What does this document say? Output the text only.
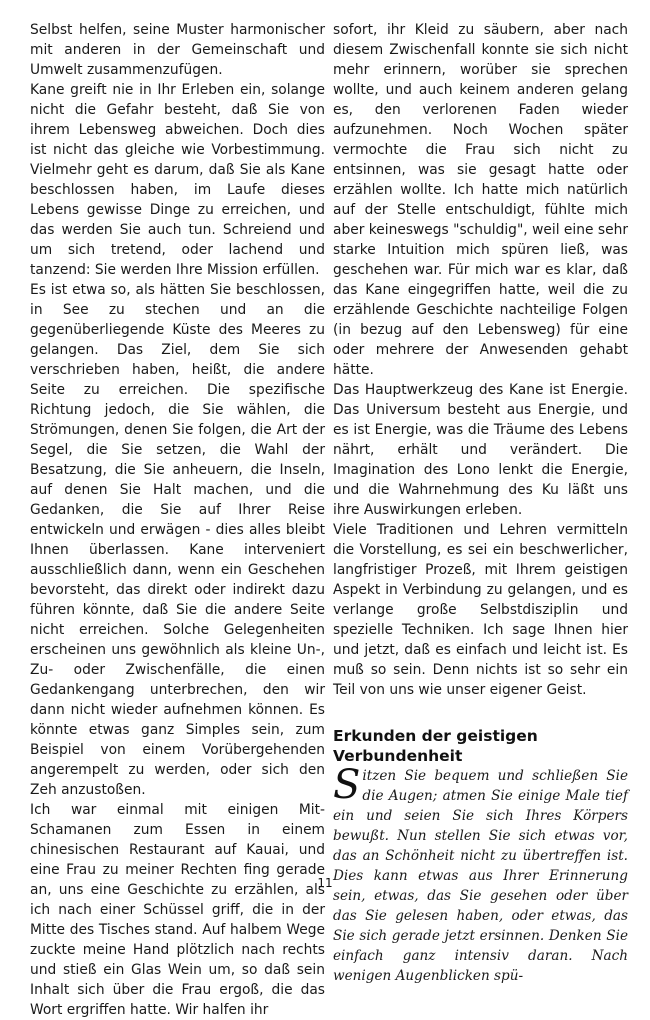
Selbst helfen, seine Muster harmonischer mit anderen in der Gemeinschaft und Umwelt zusammenzufügen.

Kane greift nie in Ihr Erleben ein, solange nicht die Gefahr besteht, daß Sie von ihrem Lebensweg abweichen. Doch dies ist nicht das gleiche wie Vorbestimmung. Vielmehr geht es darum, daß Sie als Kane beschlossen haben, im Laufe dieses Lebens gewisse Dinge zu erreichen, und das werden Sie auch tun. Schreiend und um sich tretend, oder lachend und tanzend: Sie werden Ihre Mission erfüllen.

Es ist etwa so, als hätten Sie beschlossen, in See zu stechen und an die gegenüberliegende Küste des Meeres zu gelangen. Das Ziel, dem Sie sich verschrieben haben, heißt, die andere Seite zu erreichen. Die spezifische Richtung jedoch, die Sie wählen, die Strömungen, denen Sie folgen, die Art der Segel, die Sie setzen, die Wahl der Besatzung, die Sie anheuern, die Inseln, auf denen Sie Halt machen, und die Gedanken, die Sie auf Ihrer Reise entwickeln und erwägen - dies alles bleibt Ihnen überlassen. Kane interveniert ausschließlich dann, wenn ein Geschehen bevorsteht, das direkt oder indirekt dazu führen könnte, daß Sie die andere Seite nicht erreichen. Solche Gelegenheiten erscheinen uns gewöhnlich als kleine Un-, Zu- oder Zwischenfälle, die einen Gedankengang unterbrechen, den wir dann nicht wieder aufnehmen können. Es könnte etwas ganz Simples sein, zum Beispiel von einem Vorübergehenden angerempelt zu werden, oder sich den Zeh anzustoßen.

Ich war einmal mit einigen Mit-Schamanen zum Essen in einem chinesischen Restaurant auf Kauai, und eine Frau zu meiner Rechten fing gerade an, uns eine Geschichte zu erzählen, als ich nach einer Schüssel griff, die in der Mitte des Tisches stand. Auf halbem Wege zuckte meine Hand plötzlich nach rechts und stieß ein Glas Wein um, so daß sein Inhalt sich über die Frau ergoß, die das Wort ergriffen hatte. Wir halfen ihr

sofort, ihr Kleid zu säubern, aber nach diesem Zwischenfall konnte sie sich nicht mehr erinnern, worüber sie sprechen wollte, und auch keinem anderen gelang es, den verlorenen Faden wieder aufzunehmen. Noch Wochen später vermochte die Frau sich nicht zu entsinnen, was sie gesagt hatte oder erzählen wollte. Ich hatte mich natürlich auf der Stelle entschuldigt, fühlte mich aber keineswegs "schuldig", weil eine sehr starke Intuition mich spüren ließ, was geschehen war. Für mich war es klar, daß das Kane eingegriffen hatte, weil die zu erzählende Geschichte nachteilige Folgen (in bezug auf den Lebensweg) für eine oder mehrere der Anwesenden gehabt hätte.

Das Hauptwerkzeug des Kane ist Energie. Das Universum besteht aus Energie, und es ist Energie, was die Träume des Lebens nährt, erhält und verändert. Die Imagination des Lono lenkt die Energie, und die Wahrnehmung des Ku läßt uns ihre Auswirkungen erleben.

Viele Traditionen und Lehren vermitteln die Vorstellung, es sei ein beschwerlicher, langfristiger Prozeß, mit Ihrem geistigen Aspekt in Verbindung zu gelangen, und es verlange große Selbstdisziplin und spezielle Techniken. Ich sage Ihnen hier und jetzt, daß es einfach und leicht ist. Es muß so sein. Denn nichts ist so sehr ein Teil von uns wie unser eigener Geist.

Erkunden der geistigen Verbundenheit

Sitzen Sie bequem und schließen Sie die Augen; atmen Sie einige Male tief ein und seien Sie sich Ihres Körpers bewußt. Nun stellen Sie sich etwas vor, das an Schönheit nicht zu übertreffen ist. Dies kann etwas aus Ihrer Erinnerung sein, etwas, das Sie gesehen oder über das Sie gelesen haben, oder etwas, das Sie sich gerade jetzt ersinnen. Denken Sie einfach ganz intensiv daran. Nach wenigen Augenblicken spü-

11
